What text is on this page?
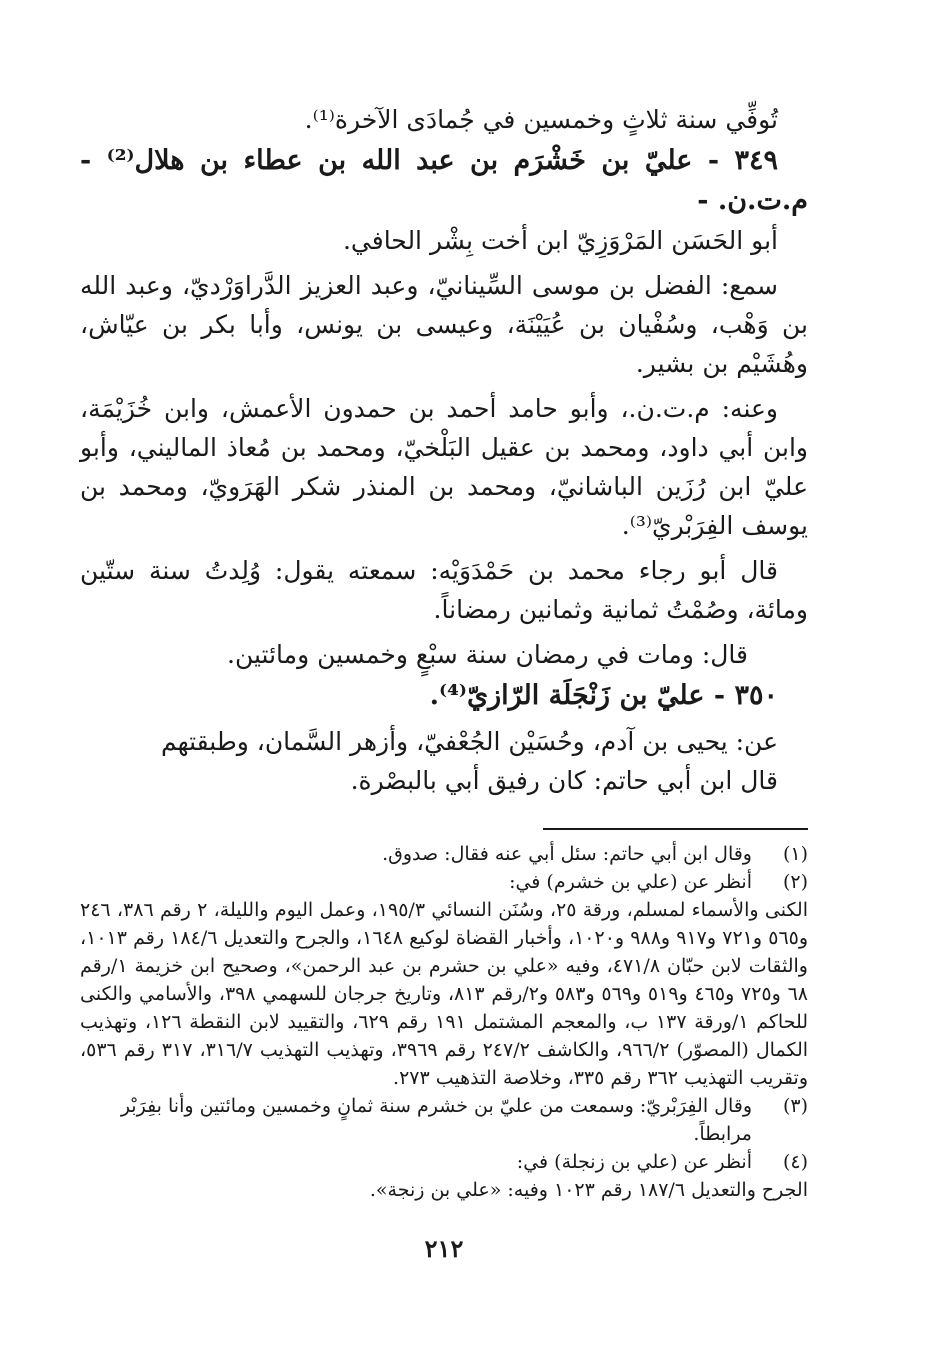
تُوفِّي سنة ثلاثٍ وخمسين في جُمادَى الآخرة⁽¹⁾.

٣٤٩ - عليّ بن خَشْرَم بن عبد الله بن عطاء بن هلال⁽²⁾ - م.ت.ن. -

أبو الحَسَن المَرْوَزِيّ ابن أخت بِشْر الحافي.

سمع: الفضل بن موسى السِّينانيّ، وعبد العزيز الدَّراوَرْديّ، وعبد الله بن وَهْب، وسُفْيان بن عُيَيْنَة، وعيسى بن يونس، وأبا بكر بن عيّاش، وهُشَيْم بن بشير.

وعنه: م.ت.ن.، وأبو حامد أحمد بن حمدون الأعمش، وابن خُزَيْمَة، وابن أبي داود، ومحمد بن عقيل البَلْخيّ، ومحمد بن مُعاذ الماليني، وأبو عليّ ابن رُزَين الباشانيّ، ومحمد بن المنذر شكر الهَرَويّ، ومحمد بن يوسف الفِرَبْريّ⁽³⁾.

قال أبو رجاء محمد بن حَمْدَوَيْه: سمعته يقول: وُلِدتُ سنة ستّين ومائة، وصُمْتُ ثمانية وثمانين رمضاناً.

قال: ومات في رمضان سنة سبْعٍ وخمسين ومائتين.

٣٥٠ - عليّ بن زَنْجَلَة الرّازيّ⁽⁴⁾.

عن: يحيى بن آدم، وحُسَيْن الجُعْفيّ، وأزهر السَّمان، وطبقتهم

قال ابن أبي حاتم: كان رفيق أبي بالبصْرة.

(١)
وقال ابن أبي حاتم: سئل أبي عنه فقال: صدوق.
(٢)
أنظر عن (علي بن خشرم) في:

الكنى والأسماء لمسلم، ورقة ٢٥، وسُنَن النسائي ١٩٥/٣، وعمل اليوم والليلة، ٢ رقم ٣٨٦، ٢٤٦ و٥٦٥ و٧٢١ و٩١٧ و٩٨٨ و١٠٢٠، وأخبار القضاة لوكيع ١٦٤٨، والجرح والتعديل ١٨٤/٦ رقم ١٠١٣، والثقات لابن حبّان ٤٧١/٨، وفيه «علي بن حشرم بن عبد الرحمن»، وصحيح ابن خزيمة ١/رقم ٦٨ و٧٢٥ و٤٦٥ و٥١٩ و٥٦٩ و٥٨٣ و٢/رقم ٨١٣، وتاريخ جرجان للسهمي ٣٩٨، والأسامي والكنى للحاكم ١/ورقة ١٣٧ ب، والمعجم المشتمل ١٩١ رقم ٦٢٩، والتقييد لابن النقطة ١٢٦، وتهذيب الكمال (المصوّر) ٩٦٦/٢، والكاشف ٢٤٧/٢ رقم ٣٩٦٩، وتهذيب التهذيب ٣١٦/٧، ٣١٧ رقم ٥٣٦، وتقريب التهذيب ٣٦٢ رقم ٣٣٥، وخلاصة التذهيب ٢٧٣.

(٣)
وقال الفِرَبْريّ: وسمعت من عليّ بن خشرم سنة ثمانٍ وخمسين ومائتين وأنا بفِرَبْر مرابطاً.
(٤)
أنظر عن (علي بن زنجلة) في:

الجرح والتعديل ١٨٧/٦ رقم ١٠٢٣ وفيه: «علي بن زنجة».

٢١٢
